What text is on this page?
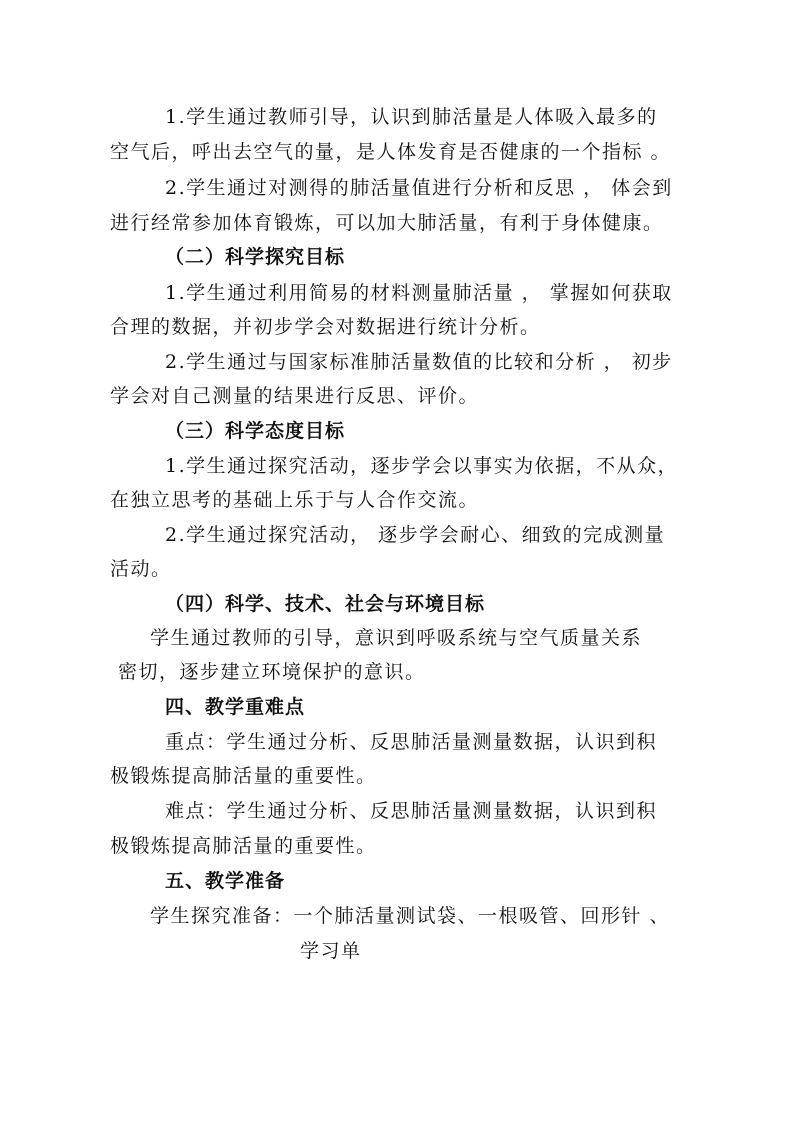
1.学生通过教师引导，认识到肺活量是人体吸入最多的
空气后，呼出去空气的量，是人体发育是否健康的一个指标 。
2.学生通过对测得的肺活量值进行分析和反思 ， 体会到
进行经常参加体育锻炼，可以加大肺活量，有利于身体健康。
（二）科学探究目标
1.学生通过利用简易的材料测量肺活量 ， 掌握如何获取
合理的数据，并初步学会对数据进行统计分析。
2.学生通过与国家标准肺活量数值的比较和分析 ， 初步
学会对自己测量的结果进行反思、评价。
（三）科学态度目标
1.学生通过探究活动，逐步学会以事实为依据，不从众，
在独立思考的基础上乐于与人合作交流。
2.学生通过探究活动， 逐步学会耐心、细致的完成测量
活动。
（四）科学、技术、社会与环境目标
学生通过教师的引导，意识到呼吸系统与空气质量关系
密切，逐步建立环境保护的意识。
四、教学重难点
重点：学生通过分析、反思肺活量测量数据，认识到积
极锻炼提高肺活量的重要性。
难点：学生通过分析、反思肺活量测量数据，认识到积
极锻炼提高肺活量的重要性。
五、教学准备
学生探究准备：一个肺活量测试袋、一根吸管、回形针 、
学习单
